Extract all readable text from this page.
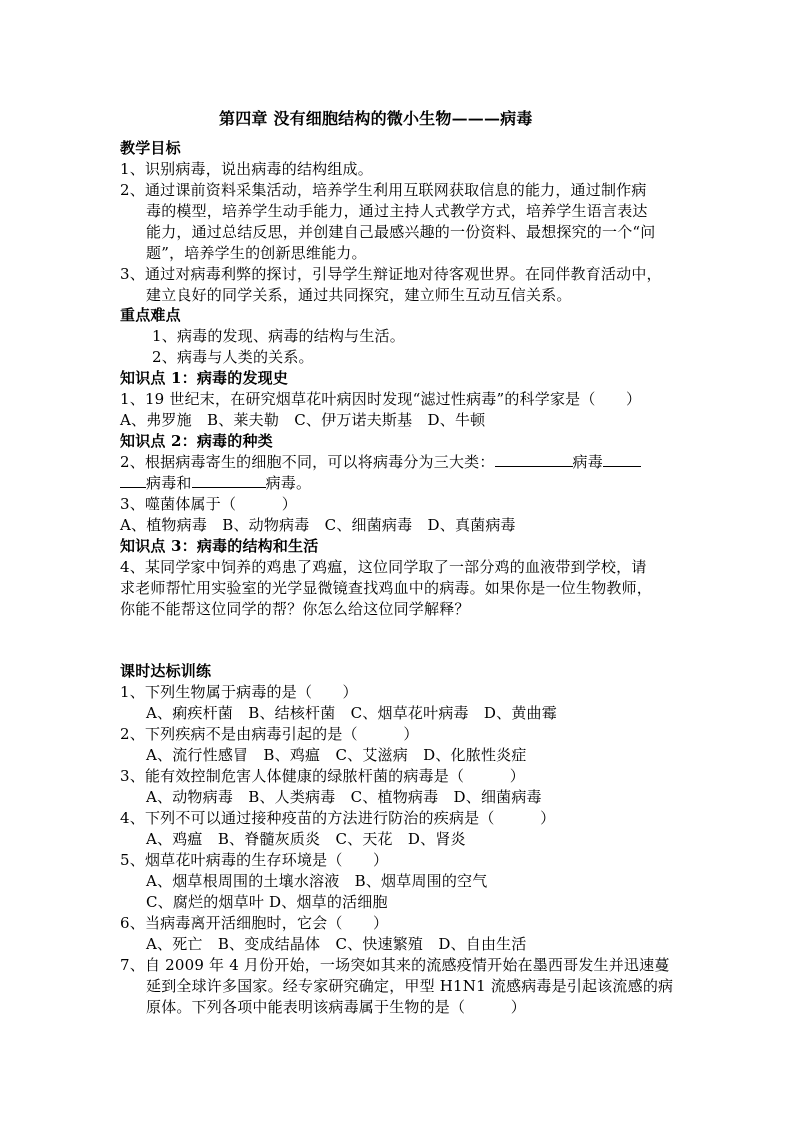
第四章 没有细胞结构的微小生物———病毒
教学目标
1、识别病毒，说出病毒的结构组成。
2、通过课前资料采集活动，培养学生利用互联网获取信息的能力，通过制作病
毒的模型，培养学生动手能力，通过主持人式教学方式，培养学生语言表达
能力，通过总结反思，并创建自己最感兴趣的一份资料、最想探究的一个“问
题”，培养学生的创新思维能力。
3、通过对病毒利弊的探讨，引导学生辩证地对待客观世界。在同伴教育活动中，
建立良好的同学关系，通过共同探究，建立师生互动互信关系。
重点难点
1、病毒的发现、病毒的结构与生活。
2、病毒与人类的关系。
知识点 1：病毒的发现史
1、19 世纪末，在研究烟草花叶病因时发现“滤过性病毒”的科学家是（　　）
A、弗罗施　B、莱夫勒　C、伊万诺夫斯基　D、牛顿
知识点 2：病毒的种类
2、根据病毒寄生的细胞不同，可以将病毒分为三大类：	病毒
病毒和	病毒。
3、噬菌体属于（　　　）
A、植物病毒　B、动物病毒　C、细菌病毒　D、真菌病毒
知识点 3：病毒的结构和生活
4、某同学家中饲养的鸡患了鸡瘟，这位同学取了一部分鸡的血液带到学校，请
求老师帮忙用实验室的光学显微镜查找鸡血中的病毒。如果你是一位生物教师，
你能不能帮这位同学的帮？你怎么给这位同学解释？
课时达标训练
1、下列生物属于病毒的是（　　）
A、痢疾杆菌　B、结核杆菌　C、烟草花叶病毒　D、黄曲霉
2、下列疾病不是由病毒引起的是（　　　）
A、流行性感冒　B、鸡瘟　C、艾滋病　D、化脓性炎症
3、能有效控制危害人体健康的绿脓杆菌的病毒是（　　　）
A、动物病毒　B、人类病毒　C、植物病毒　D、细菌病毒
4、下列不可以通过接种疫苗的方法进行防治的疾病是（　　　）
A、鸡瘟　B、脊髓灰质炎　C、天花　D、肾炎
5、烟草花叶病毒的生存环境是（　　）
A、烟草根周围的土壤水溶液　B、烟草周围的空气
C、腐烂的烟草叶 D、烟草的活细胞
6、当病毒离开活细胞时，它会（　　）
A、死亡　B、变成结晶体　C、快速繁殖　D、自由生活
7、自 2009 年 4 月份开始，一场突如其来的流感疫情开始在墨西哥发生并迅速蔓
延到全球许多国家。经专家研究确定，甲型 H1N1 流感病毒是引起该流感的病
原体。下列各项中能表明该病毒属于生物的是（　　　）
